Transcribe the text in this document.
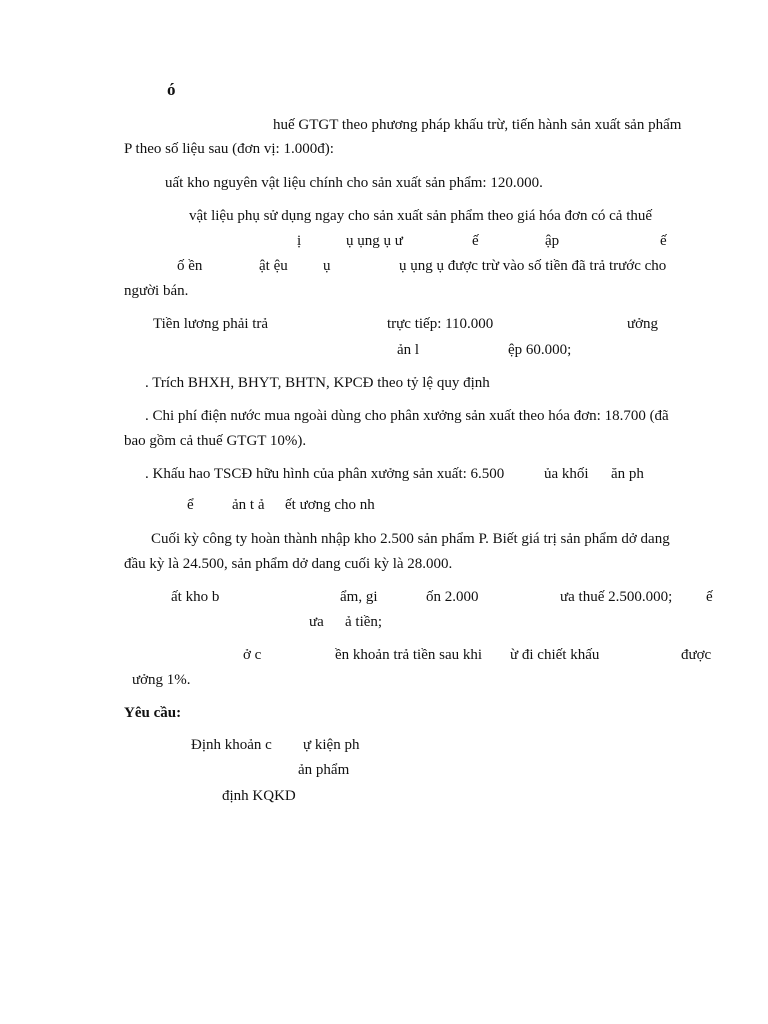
ó
huế GTGT theo phương pháp khấu trừ, tiến hành sản xuất sản phẩm
P theo số liệu sau (đơn vị: 1.000đ):
uất kho nguyên vật liệu chính cho sản xuất sản phẩm: 120.000.
vật liệu phụ sử dụng ngay cho sản xuất sản phẩm theo giá hóa đơn có cả thuế
ị	ụ ụng ụ ư	ế	ập	ế
ố ền	ật ệu ụ	ụ ụng ụ được trừ vào số tiền đã trả trước cho
người bán.
Tiền lương phải trả	trực tiếp: 110.000	ưởng
ản l	ệp 60.000;
. Trích BHXH, BHYT, BHTN, KPCĐ theo tỷ lệ quy định
. Chi phí điện nước mua ngoài dùng cho phân xưởng sản xuất theo hóa đơn: 18.700 (đã
bao gồm cả thuế GTGT 10%).
. Khấu hao TSCĐ hữu hình của phân xưởng sản xuất: 6.500	ủa khối ăn ph
ể	ản t ả ết ương cho nh
Cuối kỳ công ty hoàn thành nhập kho 2.500 sản phẩm P. Biết giá trị sản phẩm dở dang
đầu kỳ là 24.500, sản phẩm dở dang cuối kỳ là 28.000.
ất kho b	ẩm, gi	ốn 2.000	ưa thuế 2.500.000; ế
ưa ả tiền;
ở c	ền khoản trả tiền sau khi ừ đi chiết khấu	được
ưởng 1%.
Yêu cầu:
Định khoản c ự kiện ph
ản phẩm
định KQKD
